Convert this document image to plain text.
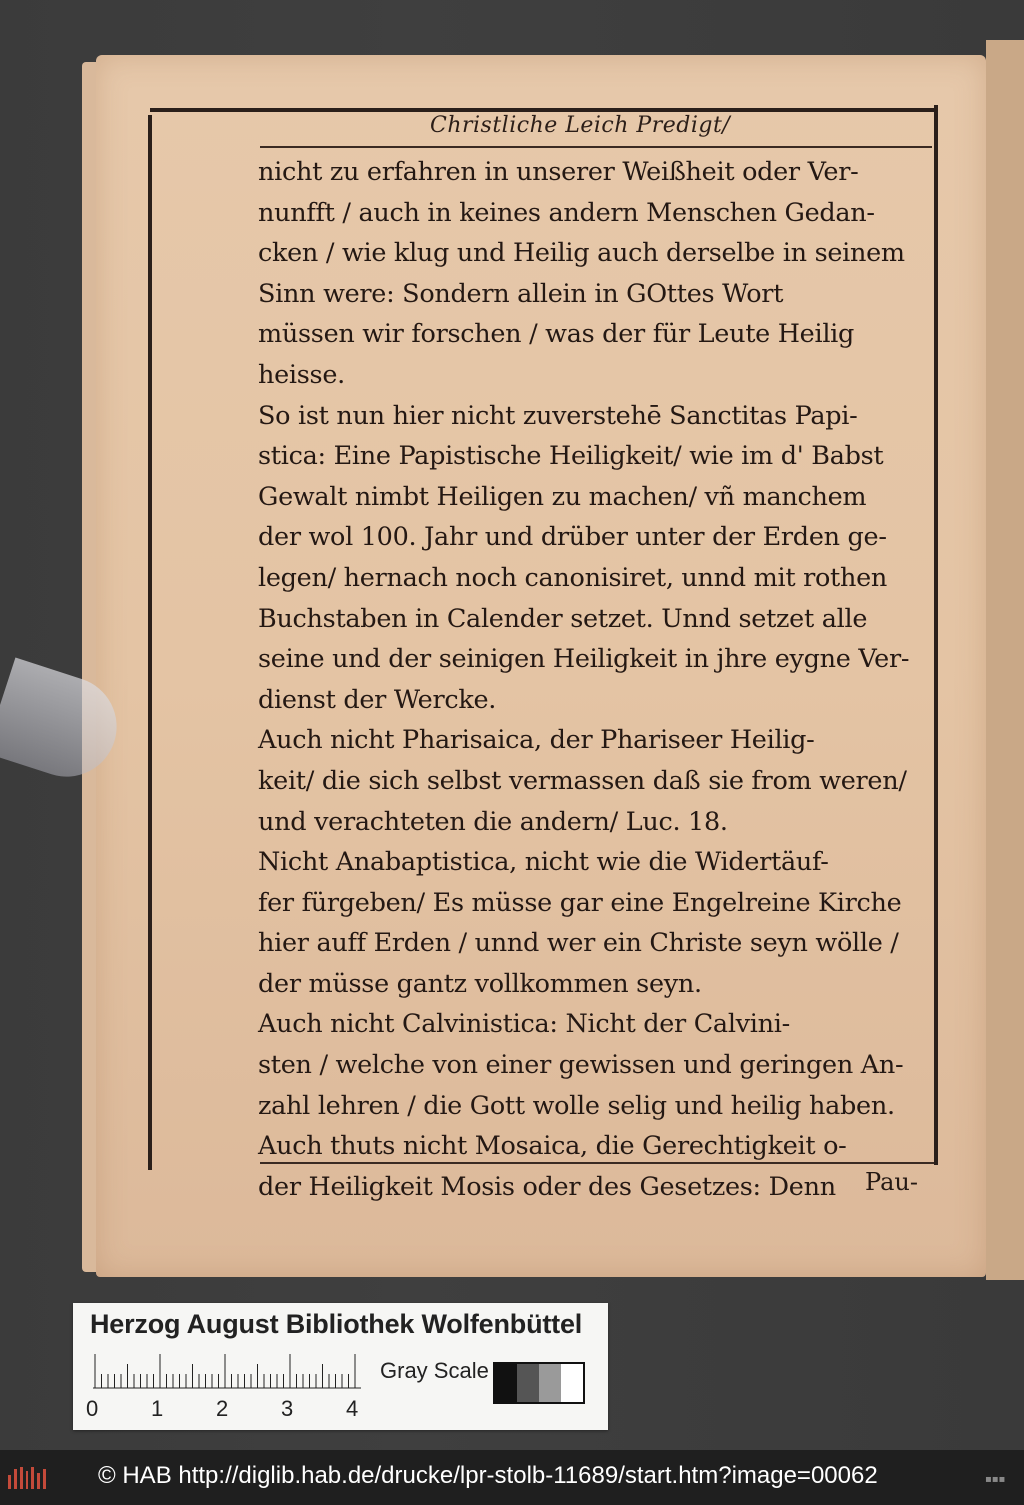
Christliche Leich Predigt/
nicht zu erfahren in unserer Weißheit oder Ver-
nunfft / auch in keines andern Menschen Gedan-
cken / wie klug und Heilig auch derselbe in seinem
Sinn were: Sondern allein in GOttes Wort
müssen wir forschen / was der für Leute Heilig
heisse.
So ist nun hier nicht zuverstehē Sanctitas Papi-
stica: Eine Papistische Heiligkeit/ wie im d' Babst
Gewalt nimbt Heiligen zu machen/ vñ manchem
der wol 100. Jahr und drüber unter der Erden ge-
legen/ hernach noch canonisiret, unnd mit rothen
Buchstaben in Calender setzet. Unnd setzet alle
seine und der seinigen Heiligkeit in jhre eygne Ver-
dienst der Wercke.
Auch nicht Pharisaica, der Phariseer Heilig-
keit/ die sich selbst vermassen daß sie from weren/
und verachteten die andern/ Luc. 18.
Nicht Anabaptistica, nicht wie die Widertäuf-
fer fürgeben/ Es müsse gar eine Engelreine Kirche
hier auff Erden / unnd wer ein Christe seyn wölle /
der müsse gantz vollkommen seyn.
Auch nicht Calvinistica: Nicht der Calvini-
sten / welche von einer gewissen und geringen An-
zahl lehren / die Gott wolle selig und heilig haben.
Auch thuts nicht Mosaica, die Gerechtigkeit o-
der Heiligkeit Mosis oder des Gesetzes: Denn	Pau-
Herzog August Bibliothek Wolfenbüttel
0 1 2 3 4
Gray Scale
© HAB http://diglib.hab.de/drucke/lpr-stolb-11689/start.htm?image=00062	▪▪▪
